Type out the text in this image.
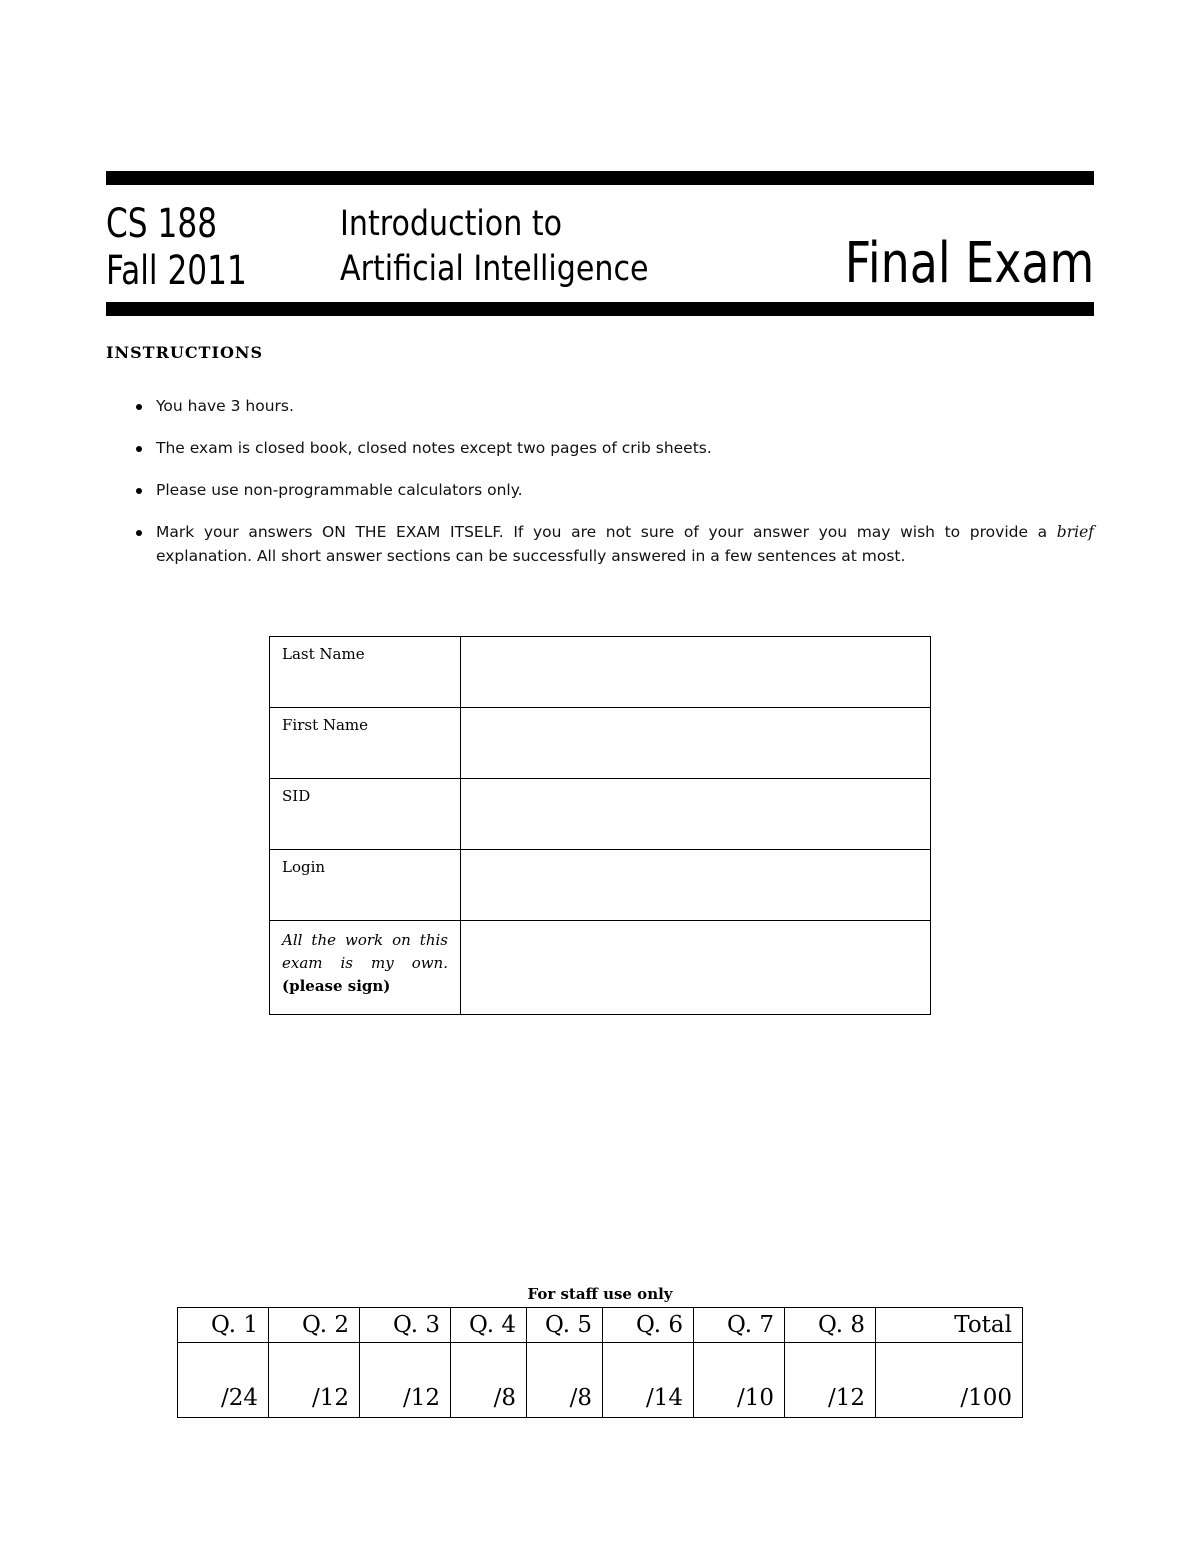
CS 188
Fall 2011
Introduction to
Artificial Intelligence	Final Exam
INSTRUCTIONS
You have 3 hours.
The exam is closed book, closed notes except two pages of crib sheets.
Please use non-programmable calculators only.
Mark your answers ON THE EXAM ITSELF. If you are not sure of your answer you may wish to provide a brief explanation. All short answer sections can be successfully answered in a few sentences at most.
Last Name	
First Name	
SID	
Login	

All the work on this
exam is my own.
(please sign)	

For staff use only
Q. 1	Q. 2	Q. 3	Q. 4	Q. 5	Q. 6	Q. 7	Q. 8	Total
/24	/12	/12	/8	/8	/14	/10	/12	/100
